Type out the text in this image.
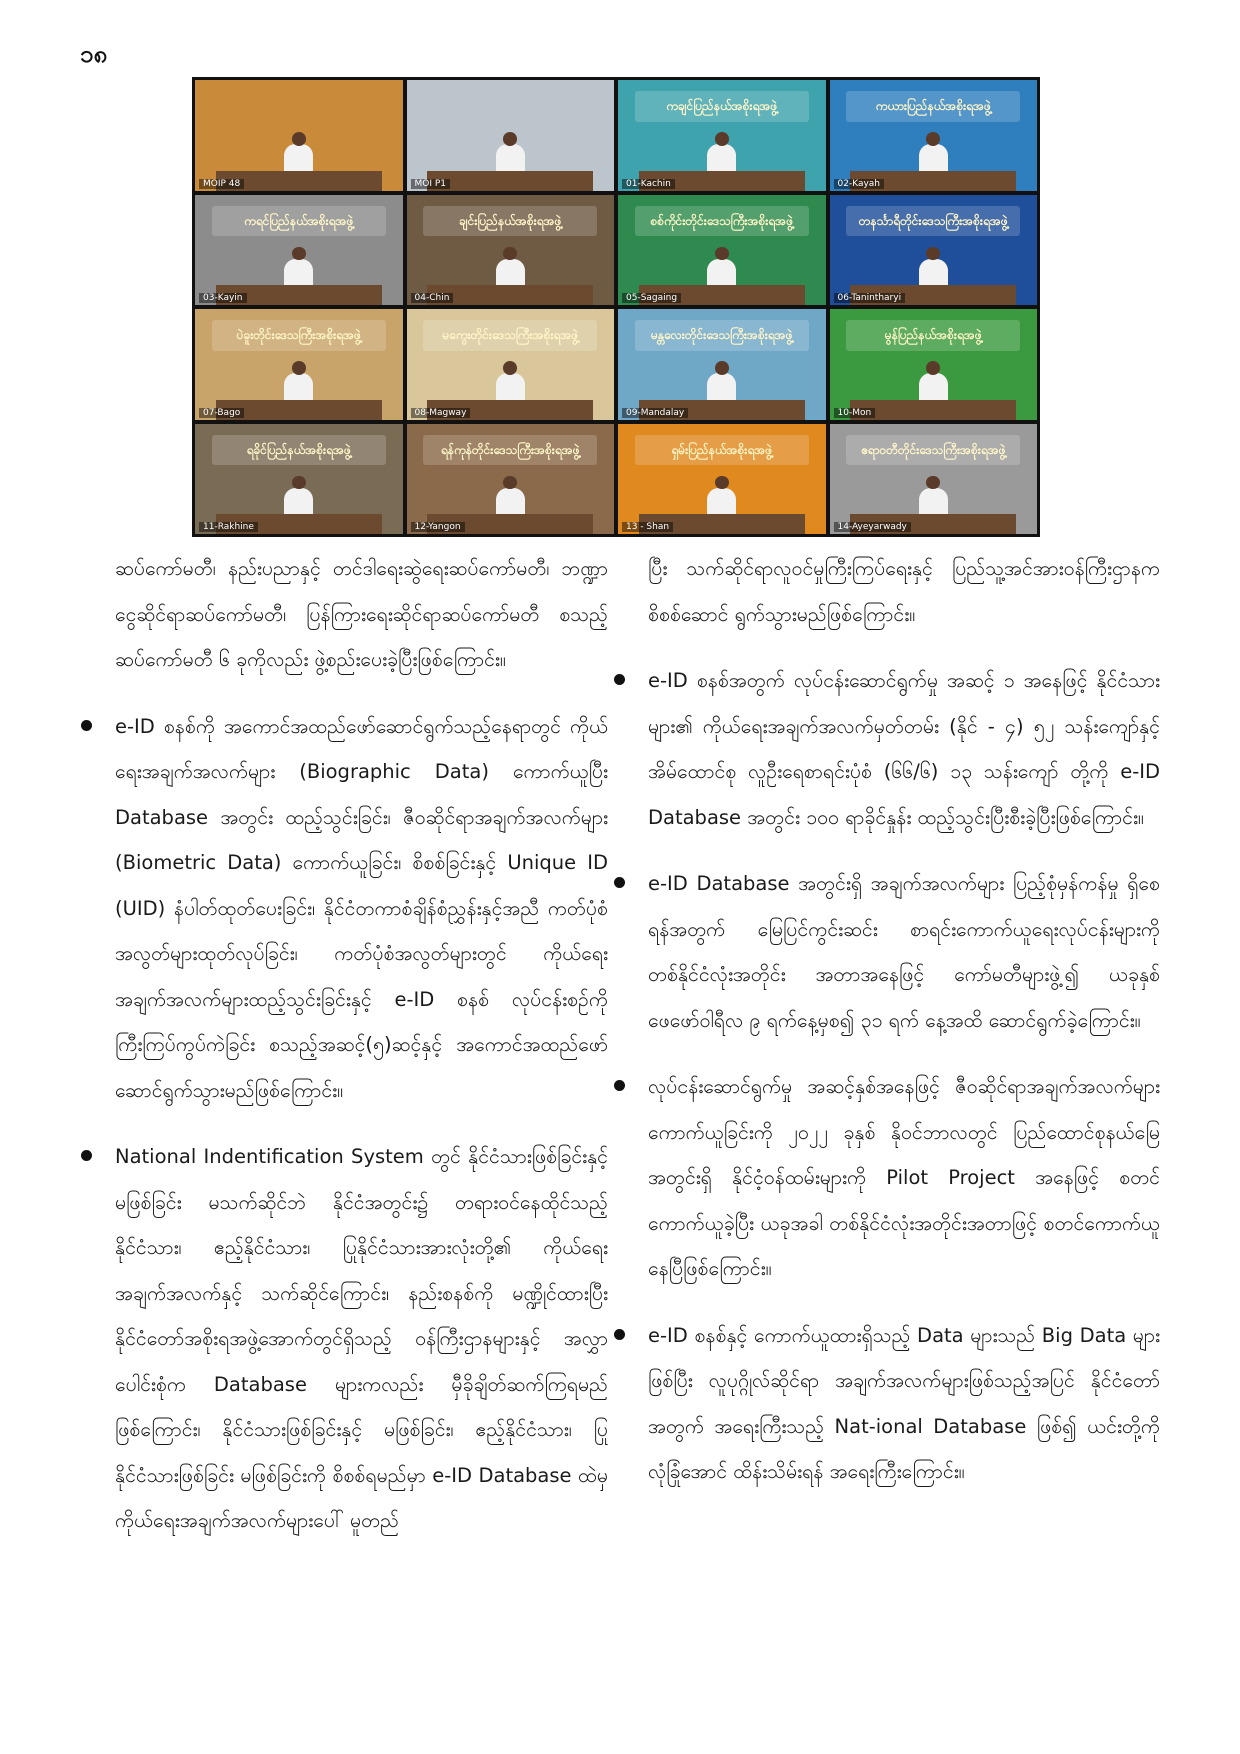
၁၈
MOIP 48	MOI P1
ကချင်ပြည်နယ်အစိုးရအဖွဲ့
01-Kachin
ကယားပြည်နယ်အစိုးရအဖွဲ့
02-Kayah
ကရင်ပြည်နယ်အစိုးရအဖွဲ့
03-Kayin
ချင်းပြည်နယ်အစိုးရအဖွဲ့
04-Chin
စစ်ကိုင်းတိုင်းဒေသကြီးအစိုးရအဖွဲ့
05-Sagaing
တနင်္သာရီတိုင်းဒေသကြီးအစိုးရအဖွဲ့
06-Tanintharyi
ပဲခူးတိုင်းဒေသကြီးအစိုးရအဖွဲ့
07-Bago
မကွေးတိုင်းဒေသကြီးအစိုးရအဖွဲ့
08-Magway
မန္တလေးတိုင်းဒေသကြီးအစိုးရအဖွဲ့
09-Mandalay
မွန်ပြည်နယ်အစိုးရအဖွဲ့
10-Mon
ရခိုင်ပြည်နယ်အစိုးရအဖွဲ့
11-Rakhine
ရန်ကုန်တိုင်းဒေသကြီးအစိုးရအဖွဲ့
12-Yangon
ရှမ်းပြည်နယ်အစိုးရအဖွဲ့
13 - Shan
ဧရာဝတီတိုင်းဒေသကြီးအစိုးရအဖွဲ့
14-Ayeyarwady

ဆပ်ကော်မတီ၊ နည်းပညာနှင့် တင်ဒါရေးဆွဲရေးဆပ်ကော်မတီ၊ ဘဏ္ဍာငွေဆိုင်ရာဆပ်ကော်မတီ၊ ပြန်ကြားရေးဆိုင်ရာဆပ်ကော်မတီ စသည့် ဆပ်ကော်မတီ ၆ ခုကိုလည်း ဖွဲ့စည်းပေးခဲ့ပြီးဖြစ်ကြောင်း။

e-ID စနစ်ကို အကောင်အထည်ဖော်ဆောင်ရွက်သည့်နေရာတွင် ကိုယ်ရေးအချက်အလက်များ (Biographic Data) ကောက်ယူပြီး Database အတွင်း ထည့်သွင်းခြင်း၊ ဇီဝဆိုင်ရာအချက်အလက်များ (Biometric Data) ကောက်ယူခြင်း၊ စိစစ်ခြင်းနှင့် Unique ID (UID) နံပါတ်ထုတ်ပေးခြင်း၊ နိုင်ငံတကာစံချိန်စံညွှန်းနှင့်အညီ ကတ်ပုံစံအလွတ်များထုတ်လုပ်ခြင်း၊ ကတ်ပုံစံအလွတ်များတွင် ကိုယ်ရေးအချက်အလက်များထည့်သွင်းခြင်းနှင့် e-ID စနစ် လုပ်ငန်းစဉ်ကိုကြီးကြပ်ကွပ်ကဲခြင်း စသည့်အဆင့်(၅)ဆင့်နှင့် အကောင်အထည်ဖော်ဆောင်ရွက်သွားမည်ဖြစ်ကြောင်း။

National Indentification System တွင် နိုင်ငံသားဖြစ်ခြင်းနှင့် မဖြစ်ခြင်း မသက်ဆိုင်ဘဲ နိုင်ငံအတွင်း၌ တရားဝင်နေထိုင်သည့် နိုင်ငံသား၊ ဧည့်နိုင်ငံသား၊ ပြုနိုင်ငံသားအားလုံးတို့၏ ကိုယ်ရေးအချက်အလက်နှင့် သက်ဆိုင်ကြောင်း၊ နည်းစနစ်ကို မဏ္ဍိုင်ထားပြီး နိုင်ငံတော်အစိုးရအဖွဲ့အောက်တွင်ရှိသည့် ဝန်ကြီးဌာနများနှင့် အလွှာပေါင်းစုံက Database များကလည်း မှီခိုချိတ်ဆက်ကြရမည်ဖြစ်ကြောင်း၊ နိုင်ငံသားဖြစ်ခြင်းနှင့် မဖြစ်ခြင်း၊ ဧည့်နိုင်ငံသား၊ ပြုနိုင်ငံသားဖြစ်ခြင်း မဖြစ်ခြင်းကို စိစစ်ရမည်မှာ e-ID Database ထဲမှ ကိုယ်ရေးအချက်အလက်များပေါ် မူတည်

ပြီး သက်ဆိုင်ရာလူဝင်မှုကြီးကြပ်ရေးနှင့် ပြည်သူ့အင်အားဝန်ကြီးဌာနက စိစစ်ဆောင် ရွက်သွားမည်ဖြစ်ကြောင်း။

e-ID စနစ်အတွက် လုပ်ငန်းဆောင်ရွက်မှု အဆင့် ၁ အနေဖြင့် နိုင်ငံသားများ၏ ကိုယ်ရေးအချက်အလက်မှတ်တမ်း (နိုင် - ၄) ၅၂ သန်းကျော်နှင့် အိမ်ထောင်စု လူဦးရေစာရင်းပုံစံ (၆၆/၆) ၁၃ သန်းကျော် တို့ကို e-ID Database အတွင်း ၁၀၀ ရာခိုင်နှုန်း ထည့်သွင်းပြီးစီးခဲ့ပြီးဖြစ်ကြောင်း။

e-ID Database အတွင်းရှိ အချက်အလက်များ ပြည့်စုံမှန်ကန်မှု ရှိစေရန်အတွက် မြေပြင်ကွင်းဆင်း စာရင်းကောက်ယူရေးလုပ်ငန်းများကို တစ်နိုင်ငံလုံးအတိုင်း အတာအနေဖြင့် ကော်မတီများဖွဲ့၍ ယခုနှစ် ဖေဖော်ဝါရီလ ၉ ရက်နေ့မှစ၍ ၃၁ ရက် နေ့အထိ ဆောင်ရွက်ခဲ့ကြောင်း။

လုပ်ငန်းဆောင်ရွက်မှု အဆင့်နှစ်အနေဖြင့် ဇီဝဆိုင်ရာအချက်အလက်များ ကောက်ယူခြင်းကို ၂၀၂၂ ခုနှစ် နိုဝင်ဘာလတွင် ပြည်ထောင်စုနယ်မြေအတွင်းရှိ နိုင်ငံ့ဝန်ထမ်းများကို Pilot Project အနေဖြင့် စတင်ကောက်ယူခဲ့ပြီး ယခုအခါ တစ်နိုင်ငံလုံးအတိုင်းအတာဖြင့် စတင်ကောက်ယူနေပြီဖြစ်ကြောင်း။

e-ID စနစ်နှင့် ကောက်ယူထားရှိသည့် Data များသည် Big Data များဖြစ်ပြီး လူပုဂ္ဂိုလ်ဆိုင်ရာ အချက်အလက်များဖြစ်သည့်အပြင် နိုင်ငံတော်အတွက် အရေးကြီးသည့် Nat-ional Database ဖြစ်၍ ယင်းတို့ကို လုံခြုံအောင် ထိန်းသိမ်းရန် အရေးကြီးကြောင်း။
